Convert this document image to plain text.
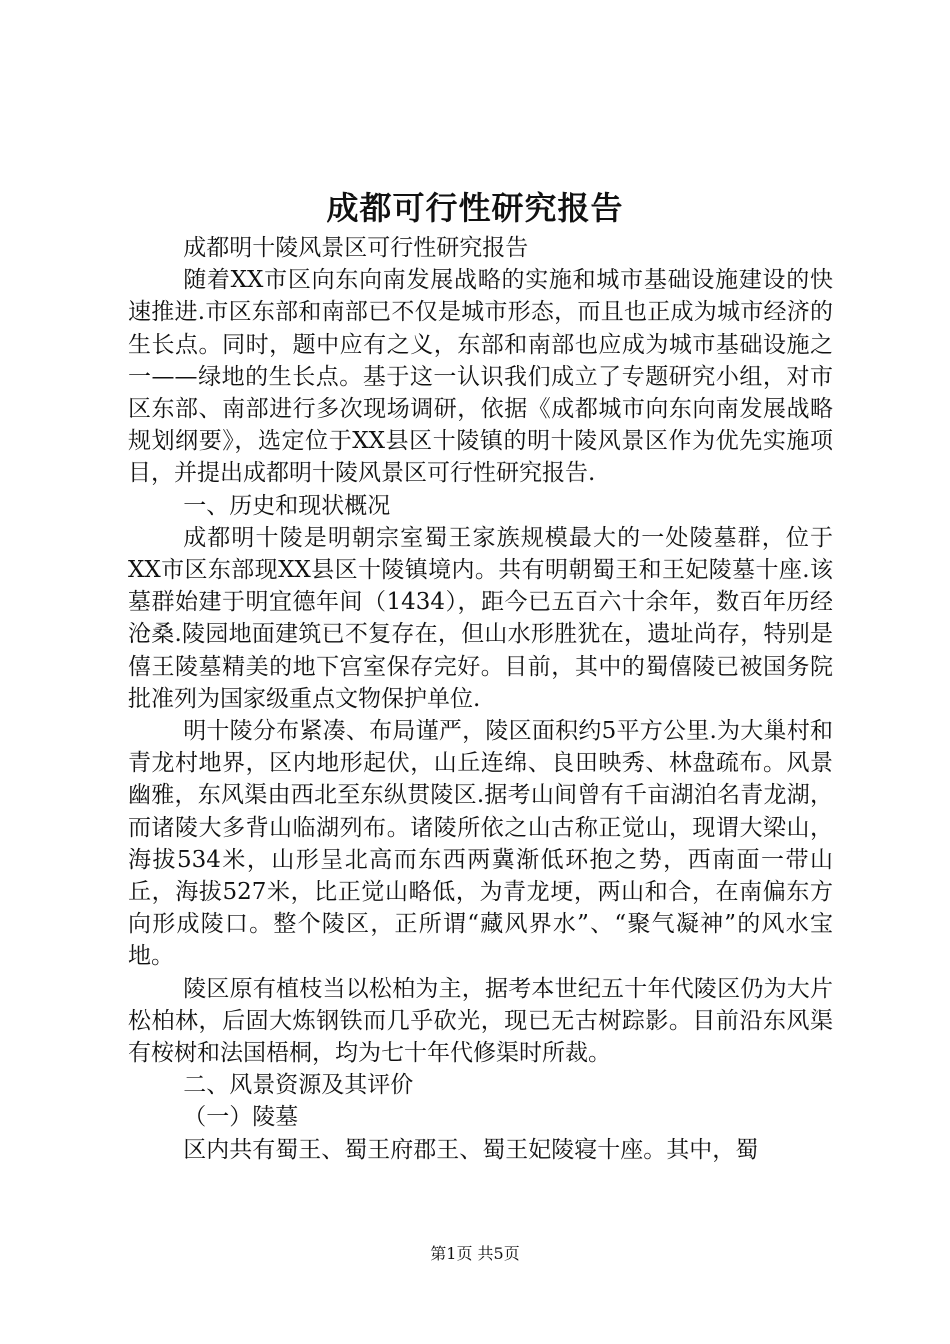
成都可行性研究报告

成都明十陵风景区可行性研究报告

随着XX市区向东向南发展战略的实施和城市基础设施建设的快速推进.市区东部和南部已不仅是城市形态，而且也正成为城市经济的生长点。同时，题中应有之义，东部和南部也应成为城市基础设施之一——绿地的生长点。基于这一认识我们成立了专题研究小组，对市区东部、南部进行多次现场调研，依据《成都城市向东向南发展战略规划纲要》，选定位于XX县区十陵镇的明十陵风景区作为优先实施项目，并提出成都明十陵风景区可行性研究报告.

一、历史和现状概况

成都明十陵是明朝宗室蜀王家族规模最大的一处陵墓群，位于XX市区东部现XX县区十陵镇境内。共有明朝蜀王和王妃陵墓十座.该墓群始建于明宜德年间（1434），距今已五百六十余年，数百年历经沧桑.陵园地面建筑已不复存在，但山水形胜犹在，遗址尚存，特别是僖王陵墓精美的地下宫室保存完好。目前，其中的蜀僖陵已被国务院批准列为国家级重点文物保护单位.

明十陵分布紧凑、布局谨严，陵区面积约5平方公里.为大巢村和青龙村地界，区内地形起伏，山丘连绵、良田映秀、林盘疏布。风景幽雅，东风渠由西北至东纵贯陵区.据考山间曾有千亩湖泊名青龙湖，而诸陵大多背山临湖列布。诸陵所依之山古称正觉山，现谓大梁山，海拔534米，山形呈北高而东西两冀渐低环抱之势，西南面一带山丘，海拔527米，比正觉山略低，为青龙埂，两山和合，在南偏东方向形成陵口。整个陵区，正所谓“藏风界水”、“聚气凝神”的风水宝地。

陵区原有植枝当以松柏为主，据考本世纪五十年代陵区仍为大片松柏林，后固大炼钢铁而几乎砍光，现已无古树踪影。目前沿东风渠有桉树和法国梧桐，均为七十年代修渠时所裁。

二、风景资源及其评价

（一）陵墓

区内共有蜀王、蜀王府郡王、蜀王妃陵寝十座。其中，蜀

第1页 共5页
